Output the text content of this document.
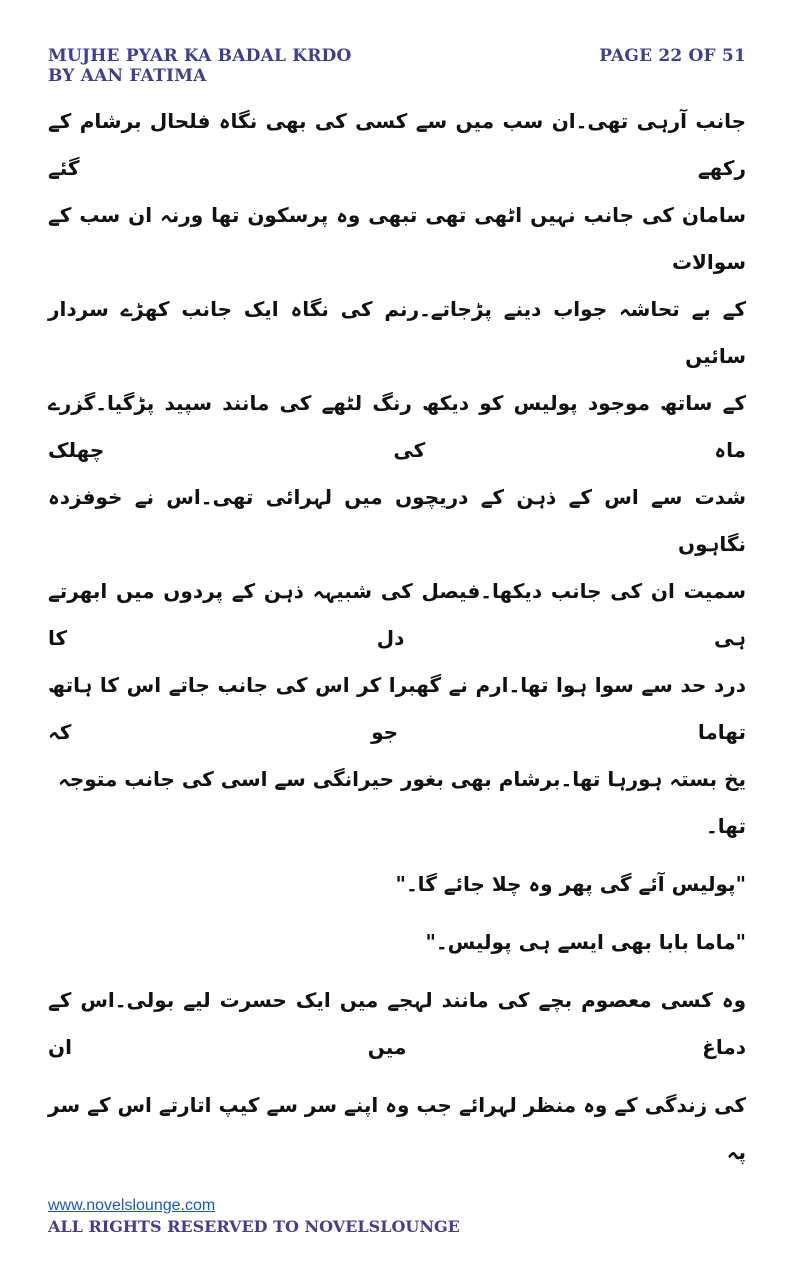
MUJHE PYAR KA BADAL KRDO
BY AAN FATIMA
PAGE 22 OF 51
جانب آرہی تھی۔ان سب میں سے کسی کی بھی نگاہ فلحال برشام کے رکھے گئے
سامان کی جانب نہیں اٹھی تھی تبھی وہ پرسکون تھا ورنہ ان سب کے سوالات
کے بے تحاشہ جواب دینے پڑجاتے۔رنم کی نگاہ ایک جانب کھڑے سردار سائیں
کے ساتھ موجود پولیس کو دیکھ رنگ لٹھے کی مانند سپید پڑگیا۔گزرے ماہ کی چھلک
شدت سے اس کے ذہن کے دریچوں میں لہرائی تھی۔اس نے خوفزدہ نگاہوں
سمیت ان کی جانب دیکھا۔فیصل کی شبیہہ ذہن کے پردوں میں ابھرتے ہی دل کا
درد حد سے سوا ہوا تھا۔ارم نے گھبرا کر اس کی جانب جاتے اس کا ہاتھ تھاما جو کہ
یخ بستہ ہورہا تھا۔برشام بھی بغور حیرانگی سے اسی کی جانب متوجہ تھا۔
"پولیس آئے گی پھر وہ چلا جائے گا۔"
"ماما بابا بھی ایسے ہی پولیس۔"
وہ کسی معصوم بچے کی مانند لہجے میں ایک حسرت لیے بولی۔اس کے دماغ میں ان
کی زندگی کے وہ منظر لہرائے جب وہ اپنے سر سے کیپ اتارتے اس کے سر پہ
www.novelslounge.com
ALL RIGHTS RESERVED TO NOVELSLOUNGE
